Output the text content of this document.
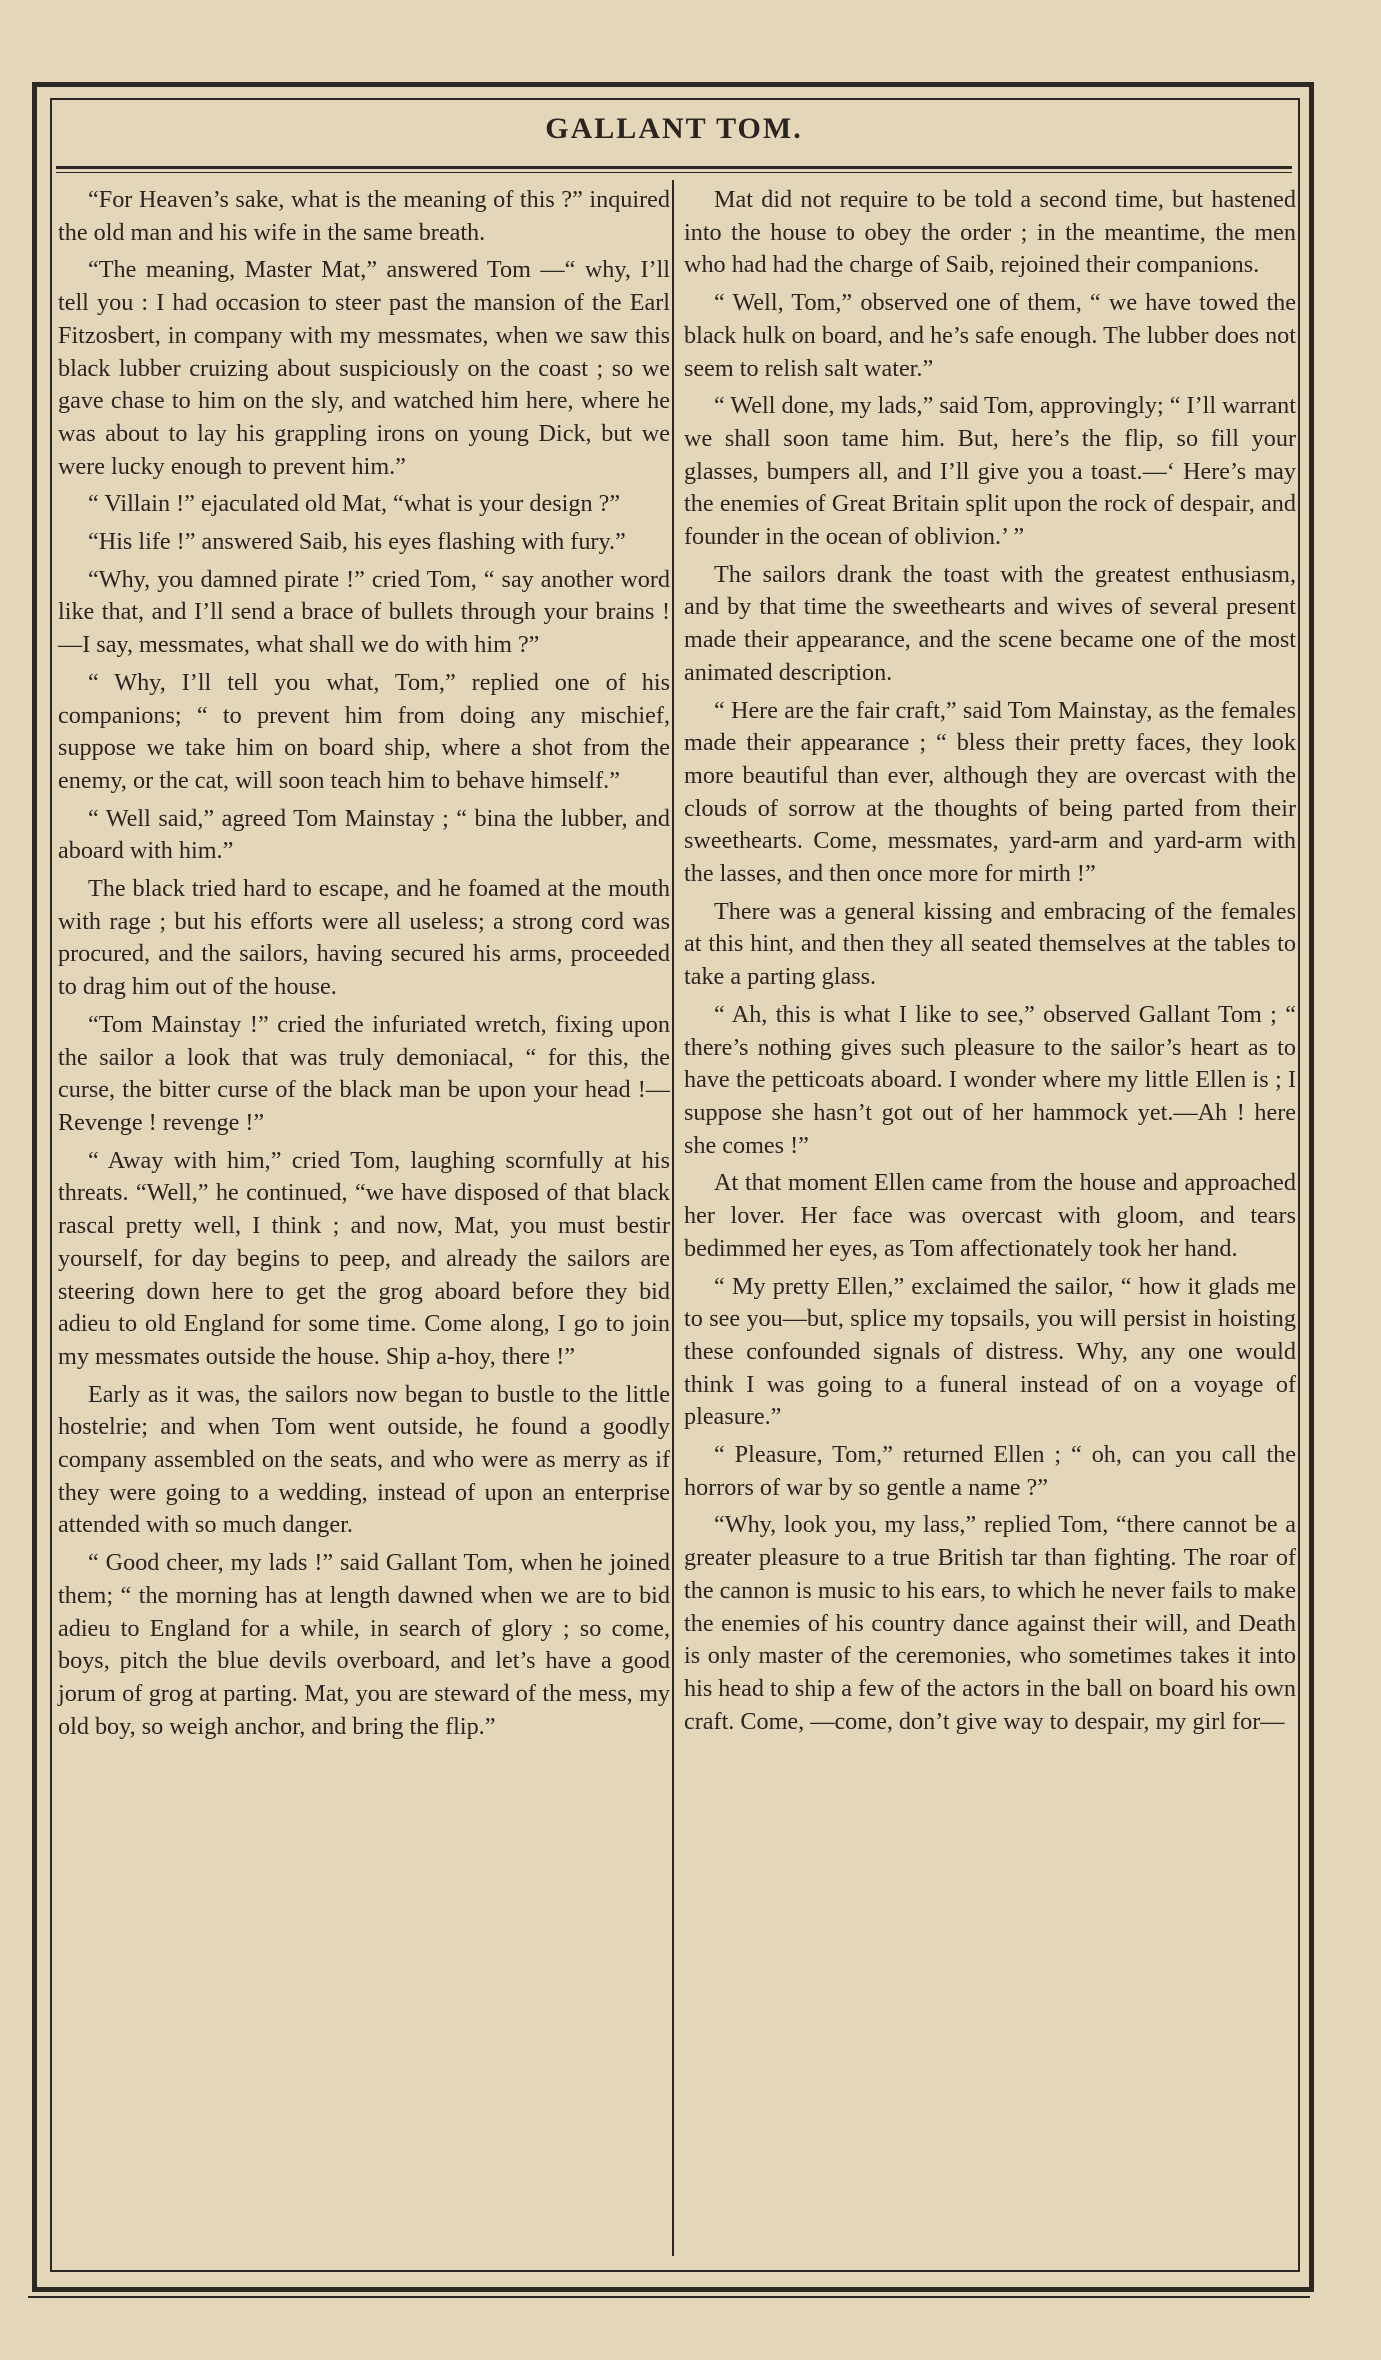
GALLANT TOM.

“For Heaven’s sake, what is the meaning of this ?” inquired the old man and his wife in the same breath.

“The meaning, Master Mat,” answered Tom —“ why, I’ll tell you : I had occasion to steer past the mansion of the Earl Fitzosbert, in company with my messmates, when we saw this black lubber cruizing about suspiciously on the coast ; so we gave chase to him on the sly, and watched him here, where he was about to lay his grappling irons on young Dick, but we were lucky enough to prevent him.”

“ Villain !” ejaculated old Mat, “what is your design ?”

“His life !” answered Saib, his eyes flashing with fury.”

“Why, you damned pirate !” cried Tom, “ say another word like that, and I’ll send a brace of bullets through your brains !—I say, messmates, what shall we do with him ?”

“ Why, I’ll tell you what, Tom,” replied one of his companions; “ to prevent him from doing any mischief, suppose we take him on board ship, where a shot from the enemy, or the cat, will soon teach him to behave himself.”

“ Well said,” agreed Tom Mainstay ; “ bina the lubber, and aboard with him.”

The black tried hard to escape, and he foamed at the mouth with rage ; but his efforts were all useless; a strong cord was procured, and the sailors, having secured his arms, proceeded to drag him out of the house.

“Tom Mainstay !” cried the infuriated wretch, fixing upon the sailor a look that was truly demoniacal, “ for this, the curse, the bitter curse of the black man be upon your head !—Revenge ! revenge !”

“ Away with him,” cried Tom, laughing scornfully at his threats. “Well,” he continued, “we have disposed of that black rascal pretty well, I think ; and now, Mat, you must bestir yourself, for day begins to peep, and already the sailors are steering down here to get the grog aboard before they bid adieu to old England for some time. Come along, I go to join my messmates outside the house. Ship a-hoy, there !”

Early as it was, the sailors now began to bustle to the little hostelrie; and when Tom went outside, he found a goodly company assembled on the seats, and who were as merry as if they were going to a wedding, instead of upon an enterprise attended with so much danger.

“ Good cheer, my lads !” said Gallant Tom, when he joined them; “ the morning has at length dawned when we are to bid adieu to England for a while, in search of glory ; so come, boys, pitch the blue devils overboard, and let’s have a good jorum of grog at parting. Mat, you are steward of the mess, my old boy, so weigh anchor, and bring the flip.”

Mat did not require to be told a second time, but hastened into the house to obey the order ; in the meantime, the men who had had the charge of Saib, rejoined their companions.

“ Well, Tom,” observed one of them, “ we have towed the black hulk on board, and he’s safe enough. The lubber does not seem to relish salt water.”

“ Well done, my lads,” said Tom, approvingly; “ I’ll warrant we shall soon tame him. But, here’s the flip, so fill your glasses, bumpers all, and I’ll give you a toast.—‘ Here’s may the enemies of Great Britain split upon the rock of despair, and founder in the ocean of oblivion.’ ”

The sailors drank the toast with the greatest enthusiasm, and by that time the sweethearts and wives of several present made their appearance, and the scene became one of the most animated description.

“ Here are the fair craft,” said Tom Mainstay, as the females made their appearance ; “ bless their pretty faces, they look more beautiful than ever, although they are overcast with the clouds of sorrow at the thoughts of being parted from their sweethearts. Come, messmates, yard-arm and yard-arm with the lasses, and then once more for mirth !”

There was a general kissing and embracing of the females at this hint, and then they all seated themselves at the tables to take a parting glass.

“ Ah, this is what I like to see,” observed Gallant Tom ; “ there’s nothing gives such pleasure to the sailor’s heart as to have the petticoats aboard. I wonder where my little Ellen is ; I suppose she hasn’t got out of her hammock yet.—Ah ! here she comes !”

At that moment Ellen came from the house and approached her lover. Her face was overcast with gloom, and tears bedimmed her eyes, as Tom affectionately took her hand.

“ My pretty Ellen,” exclaimed the sailor, “ how it glads me to see you—but, splice my topsails, you will persist in hoisting these confounded signals of distress. Why, any one would think I was going to a funeral instead of on a voyage of pleasure.”

“ Pleasure, Tom,” returned Ellen ; “ oh, can you call the horrors of war by so gentle a name ?”

“Why, look you, my lass,” replied Tom, “there cannot be a greater pleasure to a true British tar than fighting. The roar of the cannon is music to his ears, to which he never fails to make the enemies of his country dance against their will, and Death is only master of the ceremonies, who sometimes takes it into his head to ship a few of the actors in the ball on board his own craft. Come, —come, don’t give way to despair, my girl for—
